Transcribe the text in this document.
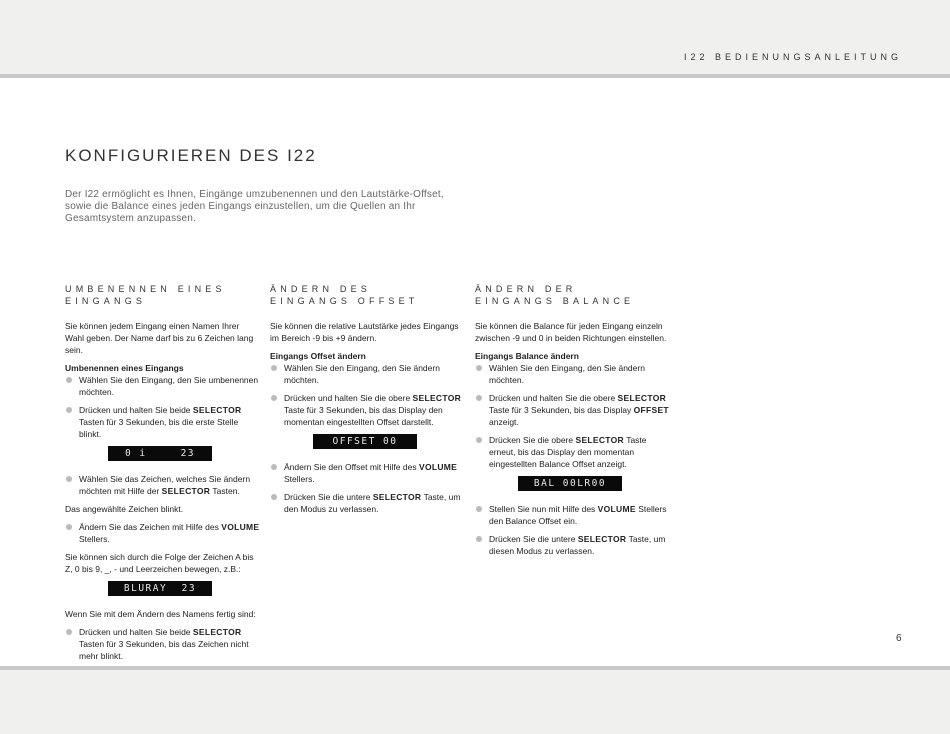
I22 BEDIENUNGSANLEITUNG
KONFIGURIEREN DES I22

Der I22 ermöglicht es Ihnen, Eingänge umzubenennen und den Lautstärke-Offset, sowie die Balance eines jeden Eingangs einzustellen, um die Quellen an Ihr Gesamtsystem anzupassen.

UMBENENNEN EINES
EINGANGS

Sie können jedem Eingang einen Namen Ihrer Wahl geben. Der Name darf bis zu 6 Zeichen lang sein.

Umbenennen eines Eingangs

Wählen Sie den Eingang, den Sie umbenennen möchten.
Drücken und halten Sie beide SELECTOR Tasten für 3 Sekunden, bis die erste Stelle blinkt.
0 i	23
Wählen Sie das Zeichen, welches Sie ändern möchten mit Hilfe der SELECTOR Tasten.

Das angewählte Zeichen blinkt.

Ändern Sie das Zeichen mit Hilfe des VOLUME Stellers.

Sie können sich durch die Folge der Zeichen A bis Z, 0 bis 9, _, - und Leerzeichen bewegen, z.B.:

BLURAY  23

Wenn Sie mit dem Ändern des Namens fertig sind:

Drücken und halten Sie beide SELECTOR Tasten für 3 Sekunden, bis das Zeichen nicht mehr blinkt.
ÄNDERN DES
EINGANGS OFFSET

Sie können die relative Lautstärke jedes Eingangs im Bereich -9 bis +9 ändern.

Eingangs Offset ändern

Wählen Sie den Eingang, den Sie ändern möchten.
Drücken und halten Sie die obere SELECTOR Taste für 3 Sekunden, bis das Display den momentan eingestellten Offset darstellt.
OFFSET 00
Ändern Sie den Offset mit Hilfe des VOLUME Stellers.
Drücken Sie die untere SELECTOR Taste, um den Modus zu verlassen.
ÄNDERN DER
EINGANGS BALANCE

Sie können die Balance für jeden Eingang einzeln zwischen -9 und 0 in beiden Richtungen einstellen.

Eingangs Balance ändern

Wählen Sie den Eingang, den Sie ändern möchten.
Drücken und halten Sie die obere SELECTOR Taste für 3 Sekunden, bis das Display OFFSET anzeigt.
Drücken Sie die obere SELECTOR Taste erneut, bis das Display den momentan eingestellten Balance Offset anzeigt.
BAL 00LR00
Stellen Sie nun mit Hilfe des VOLUME Stellers den Balance Offset ein.
Drücken Sie die untere SELECTOR Taste, um diesen Modus zu verlassen.
6
